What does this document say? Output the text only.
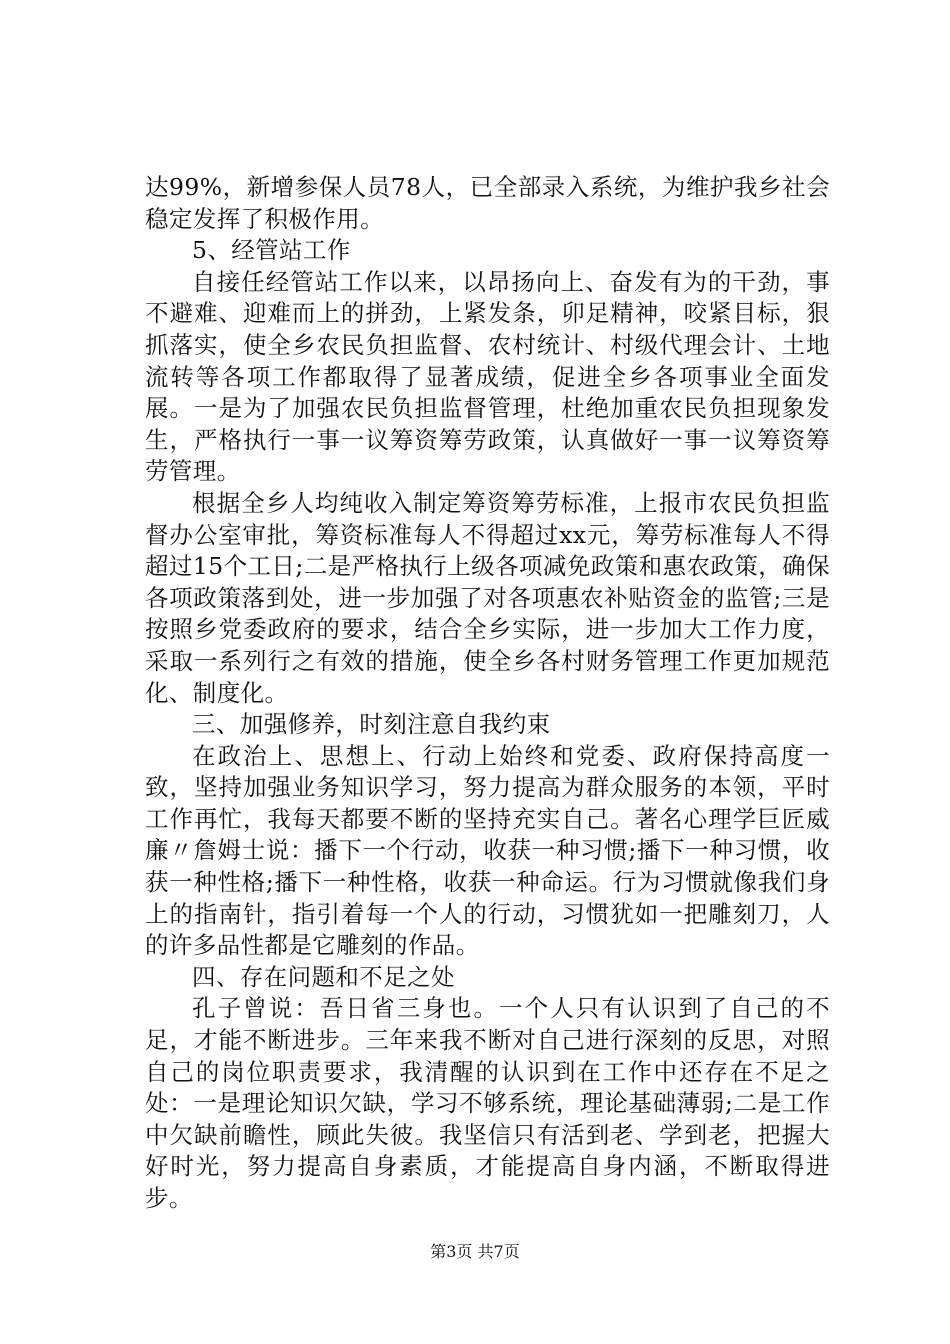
达99%，新增参保人员78人，已全部录入系统，为维护我乡社会稳定发挥了积极作用。

5、经管站工作

自接任经管站工作以来，以昂扬向上、奋发有为的干劲，事不避难、迎难而上的拼劲，上紧发条，卯足精神，咬紧目标，狠抓落实，使全乡农民负担监督、农村统计、村级代理会计、土地流转等各项工作都取得了显著成绩，促进全乡各项事业全面发展。一是为了加强农民负担监督管理，杜绝加重农民负担现象发生，严格执行一事一议筹资筹劳政策，认真做好一事一议筹资筹劳管理。

根据全乡人均纯收入制定筹资筹劳标准，上报市农民负担监督办公室审批，筹资标准每人不得超过xx元，筹劳标准每人不得超过15个工日;二是严格执行上级各项减免政策和惠农政策，确保各项政策落到处，进一步加强了对各项惠农补贴资金的监管;三是按照乡党委政府的要求，结合全乡实际，进一步加大工作力度，采取一系列行之有效的措施，使全乡各村财务管理工作更加规范化、制度化。

三、加强修养，时刻注意自我约束

在政治上、思想上、行动上始终和党委、政府保持高度一致，坚持加强业务知识学习，努力提高为群众服务的本领，平时工作再忙，我每天都要不断的坚持充实自己。著名心理学巨匠威廉〃詹姆士说：播下一个行动，收获一种习惯;播下一种习惯，收获一种性格;播下一种性格，收获一种命运。行为习惯就像我们身上的指南针，指引着每一个人的行动，习惯犹如一把雕刻刀，人的许多品性都是它雕刻的作品。

四、存在问题和不足之处

孔子曾说：吾日省三身也。一个人只有认识到了自己的不足，才能不断进步。三年来我不断对自己进行深刻的反思，对照自己的岗位职责要求，我清醒的认识到在工作中还存在不足之处：一是理论知识欠缺，学习不够系统，理论基础薄弱;二是工作中欠缺前瞻性，顾此失彼。我坚信只有活到老、学到老，把握大好时光，努力提高自身素质，才能提高自身内涵，不断取得进步。

第3页 共7页
